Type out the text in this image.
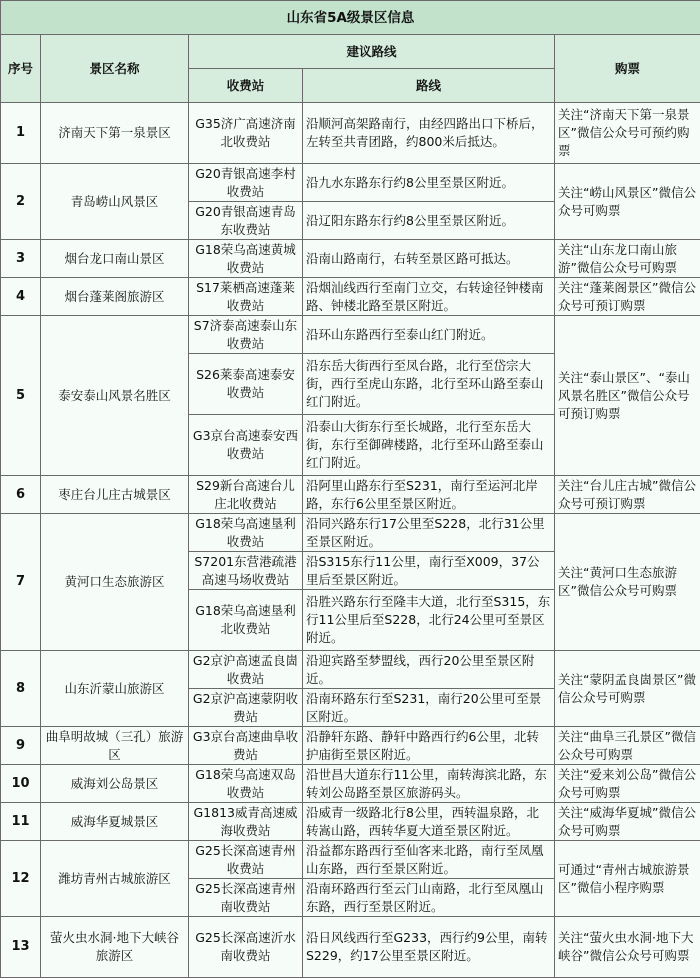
山东省5A级景区信息				
序号	景区名称	建议路线		购票
		收费站	路线	
1	济南天下第一泉景区	G35济广高速济南北收费站	沿顺河高架路南行，由经四路出口下桥后，左转至共青团路，约800米后抵达。	关注“济南天下第一泉景区”微信公众号可预约购票
2	青岛崂山风景区	G20青银高速李村收费站	沿九水东路东行约8公里至景区附近。	关注“崂山风景区”微信公众号可购票
		G20青银高速青岛东收费站	沿辽阳东路东行约8公里至景区附近。	
3	烟台龙口南山景区	G18荣乌高速黄城收费站	沿南山路南行，右转至景区路可抵达。	关注“山东龙口南山旅游”微信公众号可购票
4	烟台蓬莱阁旅游区	S17莱栖高速蓬莱收费站	沿烟汕线西行至南门立交，右转途径钟楼南路、钟楼北路至景区附近。	关注“蓬莱阁景区”微信公众号可预订购票
5	泰安泰山风景名胜区	S7济泰高速泰山东收费站	沿环山东路西行至泰山红门附近。	关注“泰山景区”、“泰山风景名胜区”微信公众号可预订购票
		S26莱泰高速泰安收费站	沿东岳大街西行至凤台路，北行至岱宗大街，西行至虎山东路，北行至环山路至泰山红门附近。	
		G3京台高速泰安西收费站	沿泰山大街东行至长城路，北行至东岳大街，东行至御碑楼路，北行至环山路至泰山红门附近。	
6	枣庄台儿庄古城景区	S29新台高速台儿庄北收费站	沿阿里山路东行至S231，南行至运河北岸路，东行6公里至景区附近。	关注“台儿庄古城”微信公众号可预订购票
7	黄河口生态旅游区	G18荣乌高速垦利收费站	沿同兴路东行17公里至S228，北行31公里至景区附近。	关注“黄河口生态旅游区”微信公众号可购票
		S7201东营港疏港高速马场收费站	沿S315东行11公里，南行至X009，37公里后至景区附近。	
		G18荣乌高速垦利北收费站	沿胜兴路东行至隆丰大道，北行至S315，东行11公里后至S228，北行24公里可至景区附近。	
8	山东沂蒙山旅游区	G2京沪高速孟良崮收费站	沿迎宾路至梦盟线，西行20公里至景区附近。	关注“蒙阴孟良崮景区”微信公众号可购票
		G2京沪高速蒙阴收费站	沿南环路东行至S231，南行20公里可至景区附近。	
9	曲阜明故城（三孔）旅游区	G3京台高速曲阜收费站	沿静轩东路、静轩中路西行约6公里，北转护庙街至景区附近。	关注“曲阜三孔景区”微信公众号可购票
10	威海刘公岛景区	G18荣乌高速双岛收费站	沿世昌大道东行11公里，南转海滨北路，东转刘公岛路至景区旅游码头。	关注“爱来刘公岛”微信公众号可购票
11	威海华夏城景区	G1813威青高速威海收费站	沿威青一级路北行8公里，西转温泉路，北转嵩山路，西转华夏大道至景区附近。	关注“威海华夏城”微信公众号可购票
12	潍坊青州古城旅游区	G25长深高速青州收费站	沿益都东路西行至仙客来北路，南行至凤凰山东路，西行至景区附近。	可通过“青州古城旅游景区”微信小程序购票
		G25长深高速青州南收费站	沿南环路西行至云门山南路，北行至凤凰山东路，西行至景区附近。	
13	萤火虫水洞·地下大峡谷旅游区	G25长深高速沂水南收费站	沿日风线西行至G233，西行约9公里，南转S229，约17公里至景区附近。	关注“萤火虫水洞·地下大峡谷”微信公众号可购票
